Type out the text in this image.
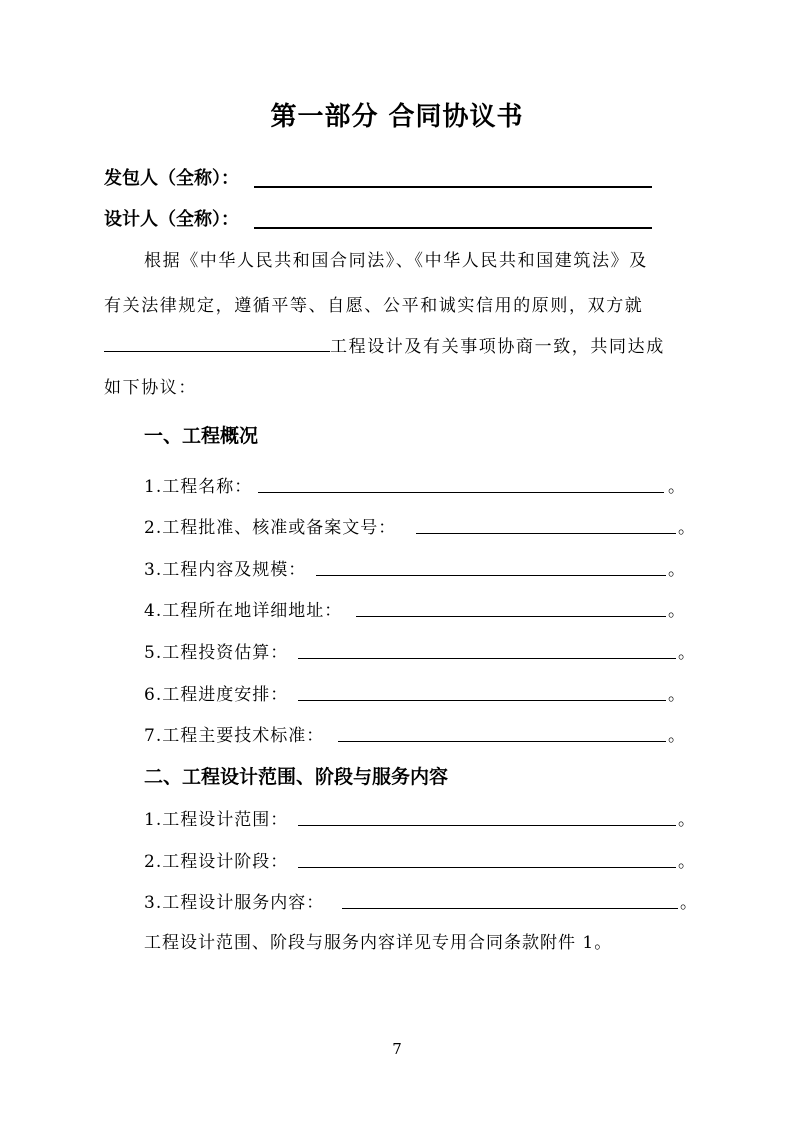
第一部分 合同协议书
发包人（全称）：
设计人（全称）：
根据《中华人民共和国合同法》、《中华人民共和国建筑法》及
有关法律规定，遵循平等、自愿、公平和诚实信用的原则，双方就
工程设计及有关事项协商一致，共同达成
如下协议：
一、工程概况
1.工程名称：	。
2.工程批准、核准或备案文号：	。
3.工程内容及规模：	。
4.工程所在地详细地址：	。
5.工程投资估算：	。
6.工程进度安排：	。
7.工程主要技术标准：	。
二、工程设计范围、阶段与服务内容
1.工程设计范围：	。
2.工程设计阶段：	。
3.工程设计服务内容：	。
工程设计范围、阶段与服务内容详见专用合同条款附件 1。
7
